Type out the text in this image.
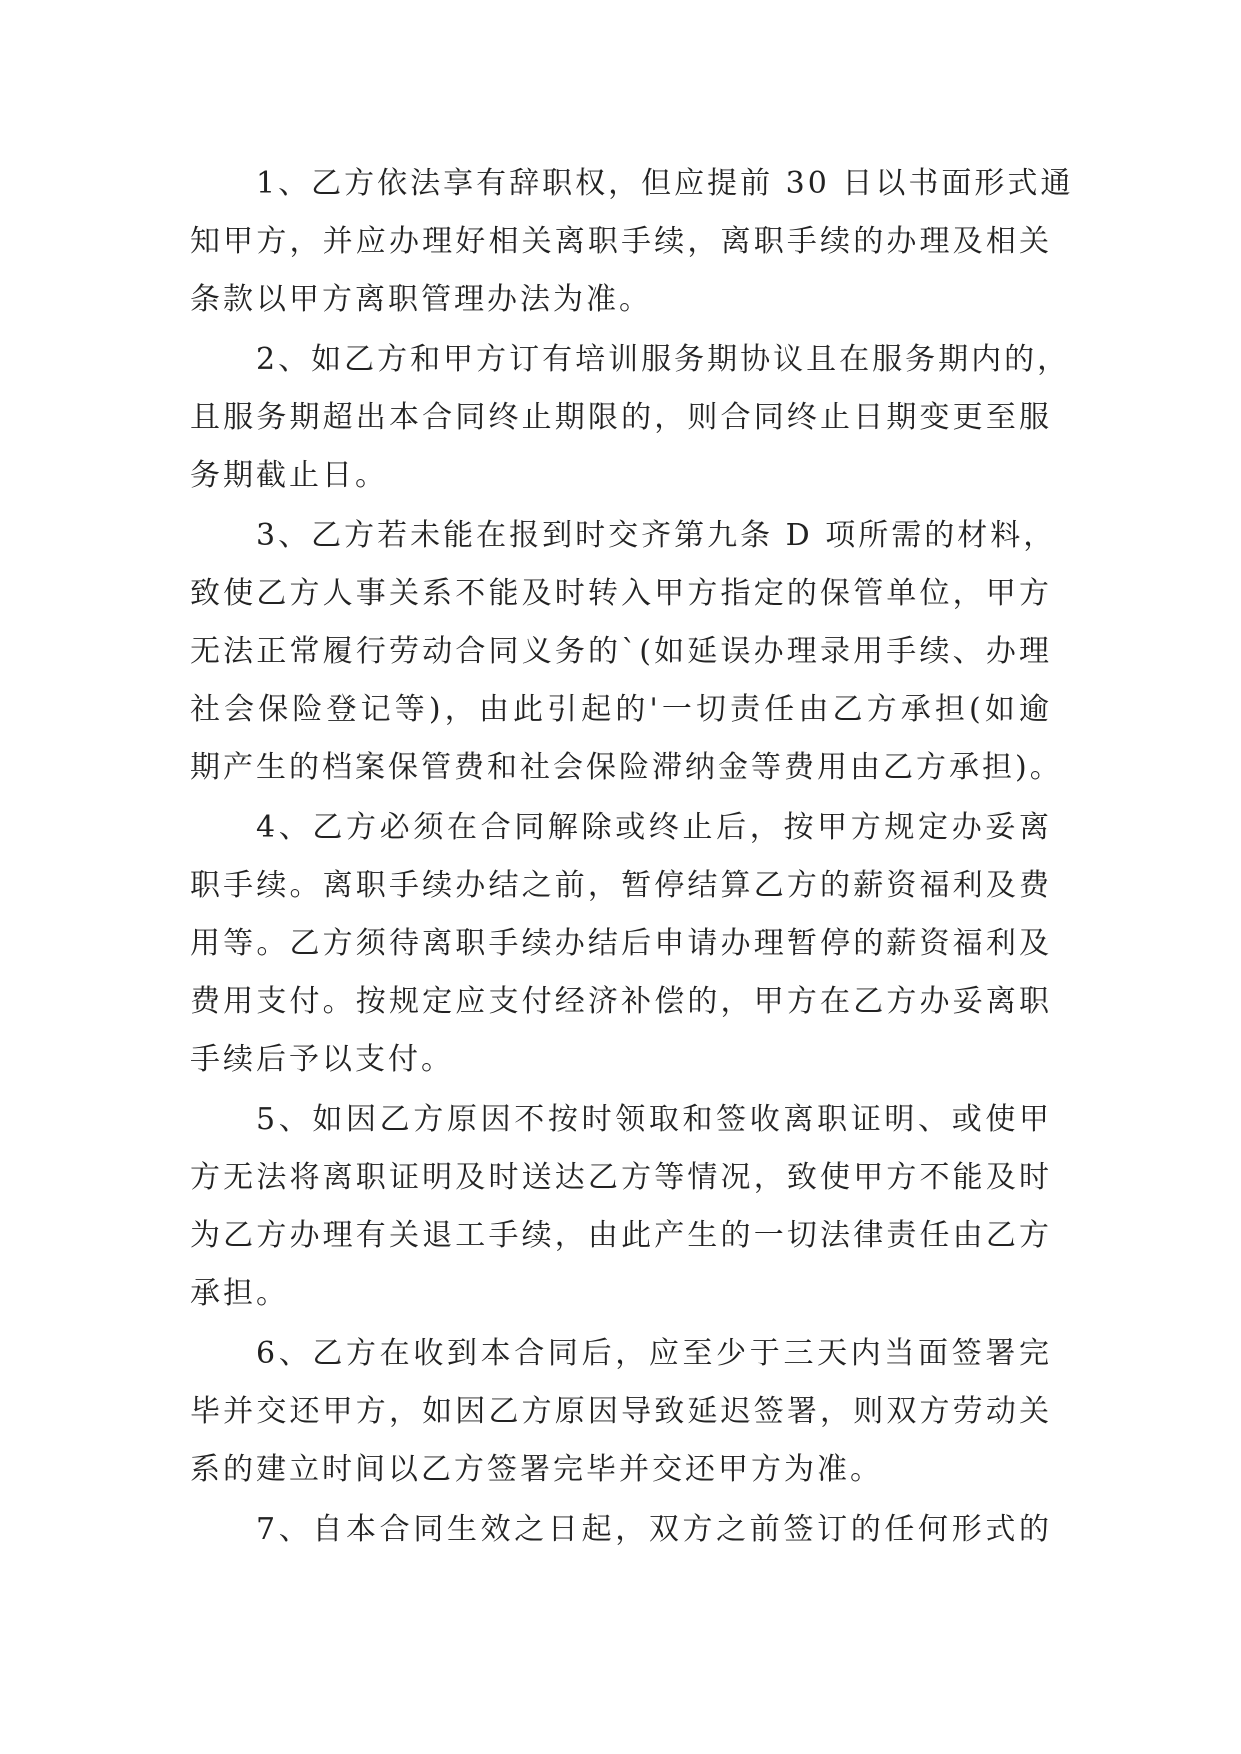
1、乙方依法享有辞职权，但应提前 30 日以书面形式通
知甲方，并应办理好相关离职手续，离职手续的办理及相关
条款以甲方离职管理办法为准。
2、如乙方和甲方订有培训服务期协议且在服务期内的，
且服务期超出本合同终止期限的，则合同终止日期变更至服
务期截止日。
3、乙方若未能在报到时交齐第九条 D 项所需的材料，
致使乙方人事关系不能及时转入甲方指定的保管单位，甲方
无法正常履行劳动合同义务的`(如延误办理录用手续、办理
社会保险登记等)，由此引起的'一切责任由乙方承担(如逾
期产生的档案保管费和社会保险滞纳金等费用由乙方承担)。
4、乙方必须在合同解除或终止后，按甲方规定办妥离
职手续。离职手续办结之前，暂停结算乙方的薪资福利及费
用等。乙方须待离职手续办结后申请办理暂停的薪资福利及
费用支付。按规定应支付经济补偿的，甲方在乙方办妥离职
手续后予以支付。
5、如因乙方原因不按时领取和签收离职证明、或使甲
方无法将离职证明及时送达乙方等情况，致使甲方不能及时
为乙方办理有关退工手续，由此产生的一切法律责任由乙方
承担。
6、乙方在收到本合同后，应至少于三天内当面签署完
毕并交还甲方，如因乙方原因导致延迟签署，则双方劳动关
系的建立时间以乙方签署完毕并交还甲方为准。
7、自本合同生效之日起，双方之前签订的任何形式的
